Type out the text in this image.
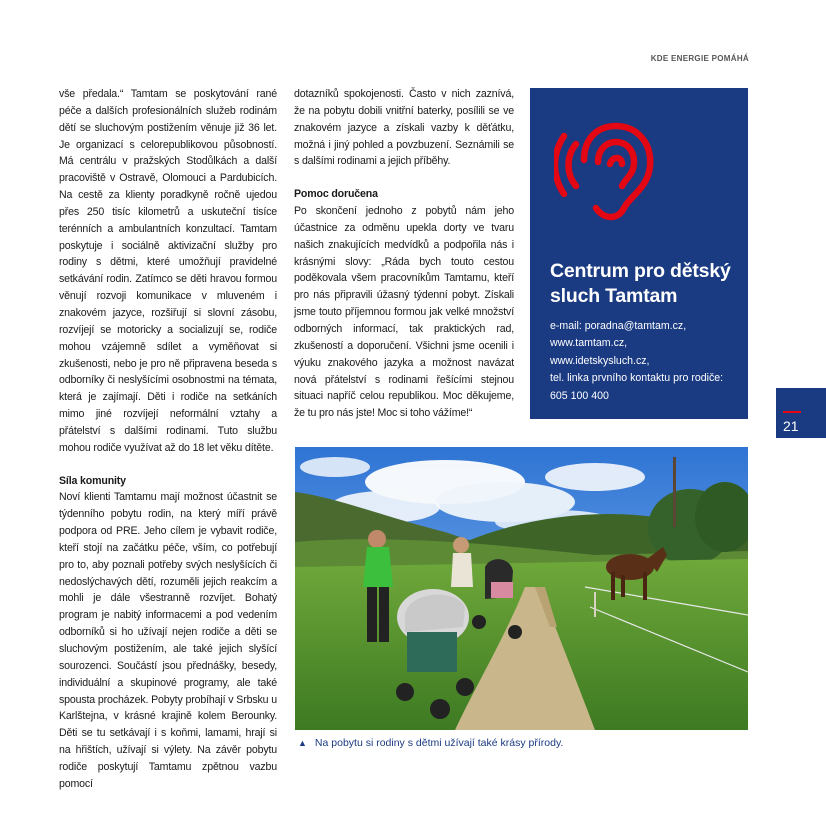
KDE ENERGIE POMÁHÁ

vše předala.“ Tamtam se poskytování rané péče a dalších profesionálních služeb rodinám dětí se sluchovým postižením věnuje již 36 let. Je organizací s celorepublikovou působností. Má centrálu v pražských Stodůlkách a další pracoviště v Ostravě, Olomouci a Pardubicích. Na cestě za klienty poradkyně ročně ujedou přes 250 tisíc kilometrů a uskuteční tisíce terénních a ambulantních konzultací. Tamtam poskytuje i sociálně aktivizační služby pro rodiny s dětmi, které umožňují pravidelné setkávání rodin. Zatímco se děti hravou formou věnují rozvoji komunikace v mluveném i znakovém jazyce, rozšiřují si slovní zásobu, rozvíjejí se motoricky a socializují se, rodiče mohou vzájemně sdílet a vyměňovat si zkušenosti, nebo je pro ně připravena beseda s odborníky či neslyšícími osobnostmi na témata, která je zajímají. Děti i rodiče na setkáních mimo jiné rozvíjejí neformální vztahy a přátelství s dalšími rodinami. Tuto službu mohou rodiče využívat až do 18 let věku dítěte.

Síla komunity

Noví klienti Tamtamu mají možnost účastnit se týdenního pobytu rodin, na který míří právě podpora od PRE. Jeho cílem je vybavit rodiče, kteří stojí na začátku péče, vším, co potřebují pro to, aby poznali potřeby svých neslyšících či nedoslýchavých dětí, rozuměli jejich reakcím a mohli je dále všestranně rozvíjet. Bohatý program je nabitý informacemi a pod vedením odborníků si ho užívají nejen rodiče a děti se sluchovým postižením, ale také jejich slyšící sourozenci. Součástí jsou přednášky, besedy, individuální a skupinové programy, ale také spousta procházek. Pobyty probíhají v Srbsku u Karlštejna, v krásné krajině kolem Berounky. Děti se tu setkávají i s koňmi, lamami, hrají si na hřištích, užívají si výlety. Na závěr pobytu rodiče poskytují Tamtamu zpětnou vazbu pomocí

dotazníků spokojenosti. Často v nich zaznívá, že na pobytu dobili vnitřní baterky, posílili se ve znakovém jazyce a získali vazby k děťátku, možná i jiný pohled a povzbuzení. Seznámili se s dalšími rodinami a jejich příběhy.

Pomoc doručena

Po skončení jednoho z pobytů nám jeho účastnice za odměnu upekla dorty ve tvaru našich znakujících medvídků a podpořila nás i krásnými slovy: „Ráda bych touto cestou poděkovala všem pracovníkům Tamtamu, kteří pro nás připravili úžasný týdenní pobyt. Získali jsme touto příjemnou formou jak velké množství odborných informací, tak praktických rad, zkušeností a doporučení. Všichni jsme ocenili i výuku znakového jazyka a možnost navázat nová přátelství s rodinami řešícími stejnou situaci napříč celou republikou. Moc děkujeme, že tu pro nás jste! Moc si toho vážíme!“

Centrum pro dětský sluch Tamtam
e-mail: poradna@tamtam.cz,
www.tamtam.cz,
www.idetskysluch.cz,
tel. linka prvního kontaktu pro rodiče:
605 100 400
21
▲ Na pobytu si rodiny s dětmi užívají také krásy přírody.
